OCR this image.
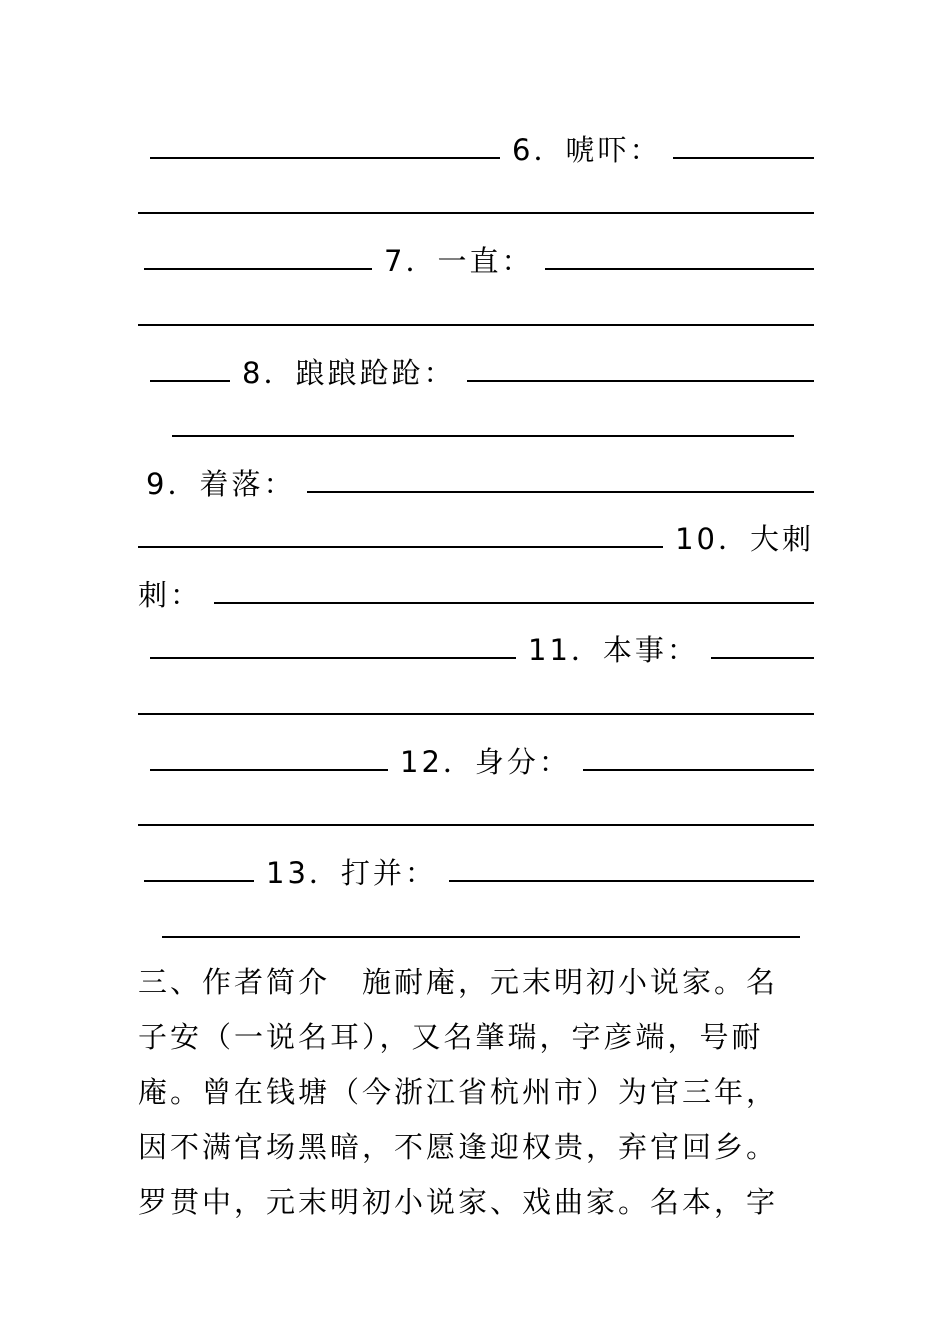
6．唬吓：
7．一直：
8．踉踉跄跄：
9．着落：
10．大刺
刺：
11．本事：
12．身分：
13．打并：
三、作者简介　施耐庵，元末明初小说家。名
子安（一说名耳），又名肇瑞，字彦端，号耐
庵。曾在钱塘（今浙江省杭州市）为官三年，
因不满官场黑暗，不愿逢迎权贵，弃官回乡。
罗贯中，元末明初小说家、戏曲家。名本，字
